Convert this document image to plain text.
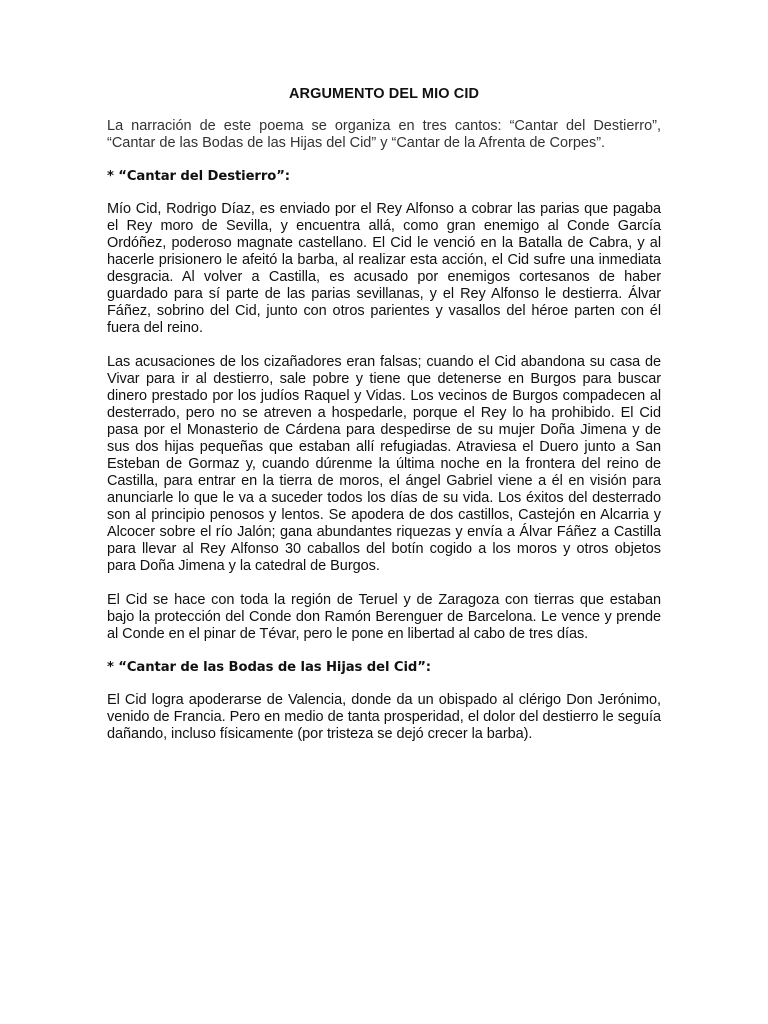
ARGUMENTO DEL MIO CID

La narración de este poema se organiza en tres cantos: “Cantar del Destierro”, “Cantar de las Bodas de las Hijas del Cid” y “Cantar de la Afrenta de Corpes”.

* “Cantar del Destierro”:

Mío Cid, Rodrigo Díaz, es enviado por el Rey Alfonso a cobrar las parias que pagaba el Rey moro de Sevilla, y encuentra allá, como gran enemigo al Conde García Ordóñez, poderoso magnate castellano. El Cid le venció en la Batalla de Cabra, y al hacerle prisionero le afeitó la barba, al realizar esta acción, el Cid sufre una inmediata desgracia. Al volver a Castilla, es acusado por enemigos cortesanos de haber guardado para sí parte de las parias sevillanas, y el Rey Alfonso le destierra. Álvar Fáñez, sobrino del Cid, junto con otros parientes y vasallos del héroe parten con él fuera del reino.

Las acusaciones de los cizañadores eran falsas; cuando el Cid abandona su casa de Vivar para ir al destierro, sale pobre y tiene que detenerse en Burgos para buscar dinero prestado por los judíos Raquel y Vidas. Los vecinos de Burgos compadecen al desterrado, pero no se atreven a hospedarle, porque el Rey lo ha prohibido. El Cid pasa por el Monasterio de Cárdena para despedirse de su mujer Doña Jimena y de sus dos hijas pequeñas que estaban allí refugiadas. Atraviesa el Duero junto a San Esteban de Gormaz y, cuando dúrenme la última noche en la frontera del reino de Castilla, para entrar en la tierra de moros, el ángel Gabriel viene a él en visión para anunciarle lo que le va a suceder todos los días de su vida. Los éxitos del desterrado son al principio penosos y lentos. Se apodera de dos castillos, Castejón en Alcarria y Alcocer sobre el río Jalón; gana abundantes riquezas y envía a Álvar Fáñez a Castilla para llevar al Rey Alfonso 30 caballos del botín cogido a los moros y otros objetos para Doña Jimena y la catedral de Burgos.

El Cid se hace con toda la región de Teruel y de Zaragoza con tierras que estaban bajo la protección del Conde don Ramón Berenguer de Barcelona. Le vence y prende al Conde en el pinar de Tévar, pero le pone en libertad al cabo de tres días.

* “Cantar de las Bodas de las Hijas del Cid”:

El Cid logra apoderarse de Valencia, donde da un obispado al clérigo Don Jerónimo, venido de Francia. Pero en medio de tanta prosperidad, el dolor del destierro le seguía dañando, incluso físicamente (por tristeza se dejó crecer la barba).
